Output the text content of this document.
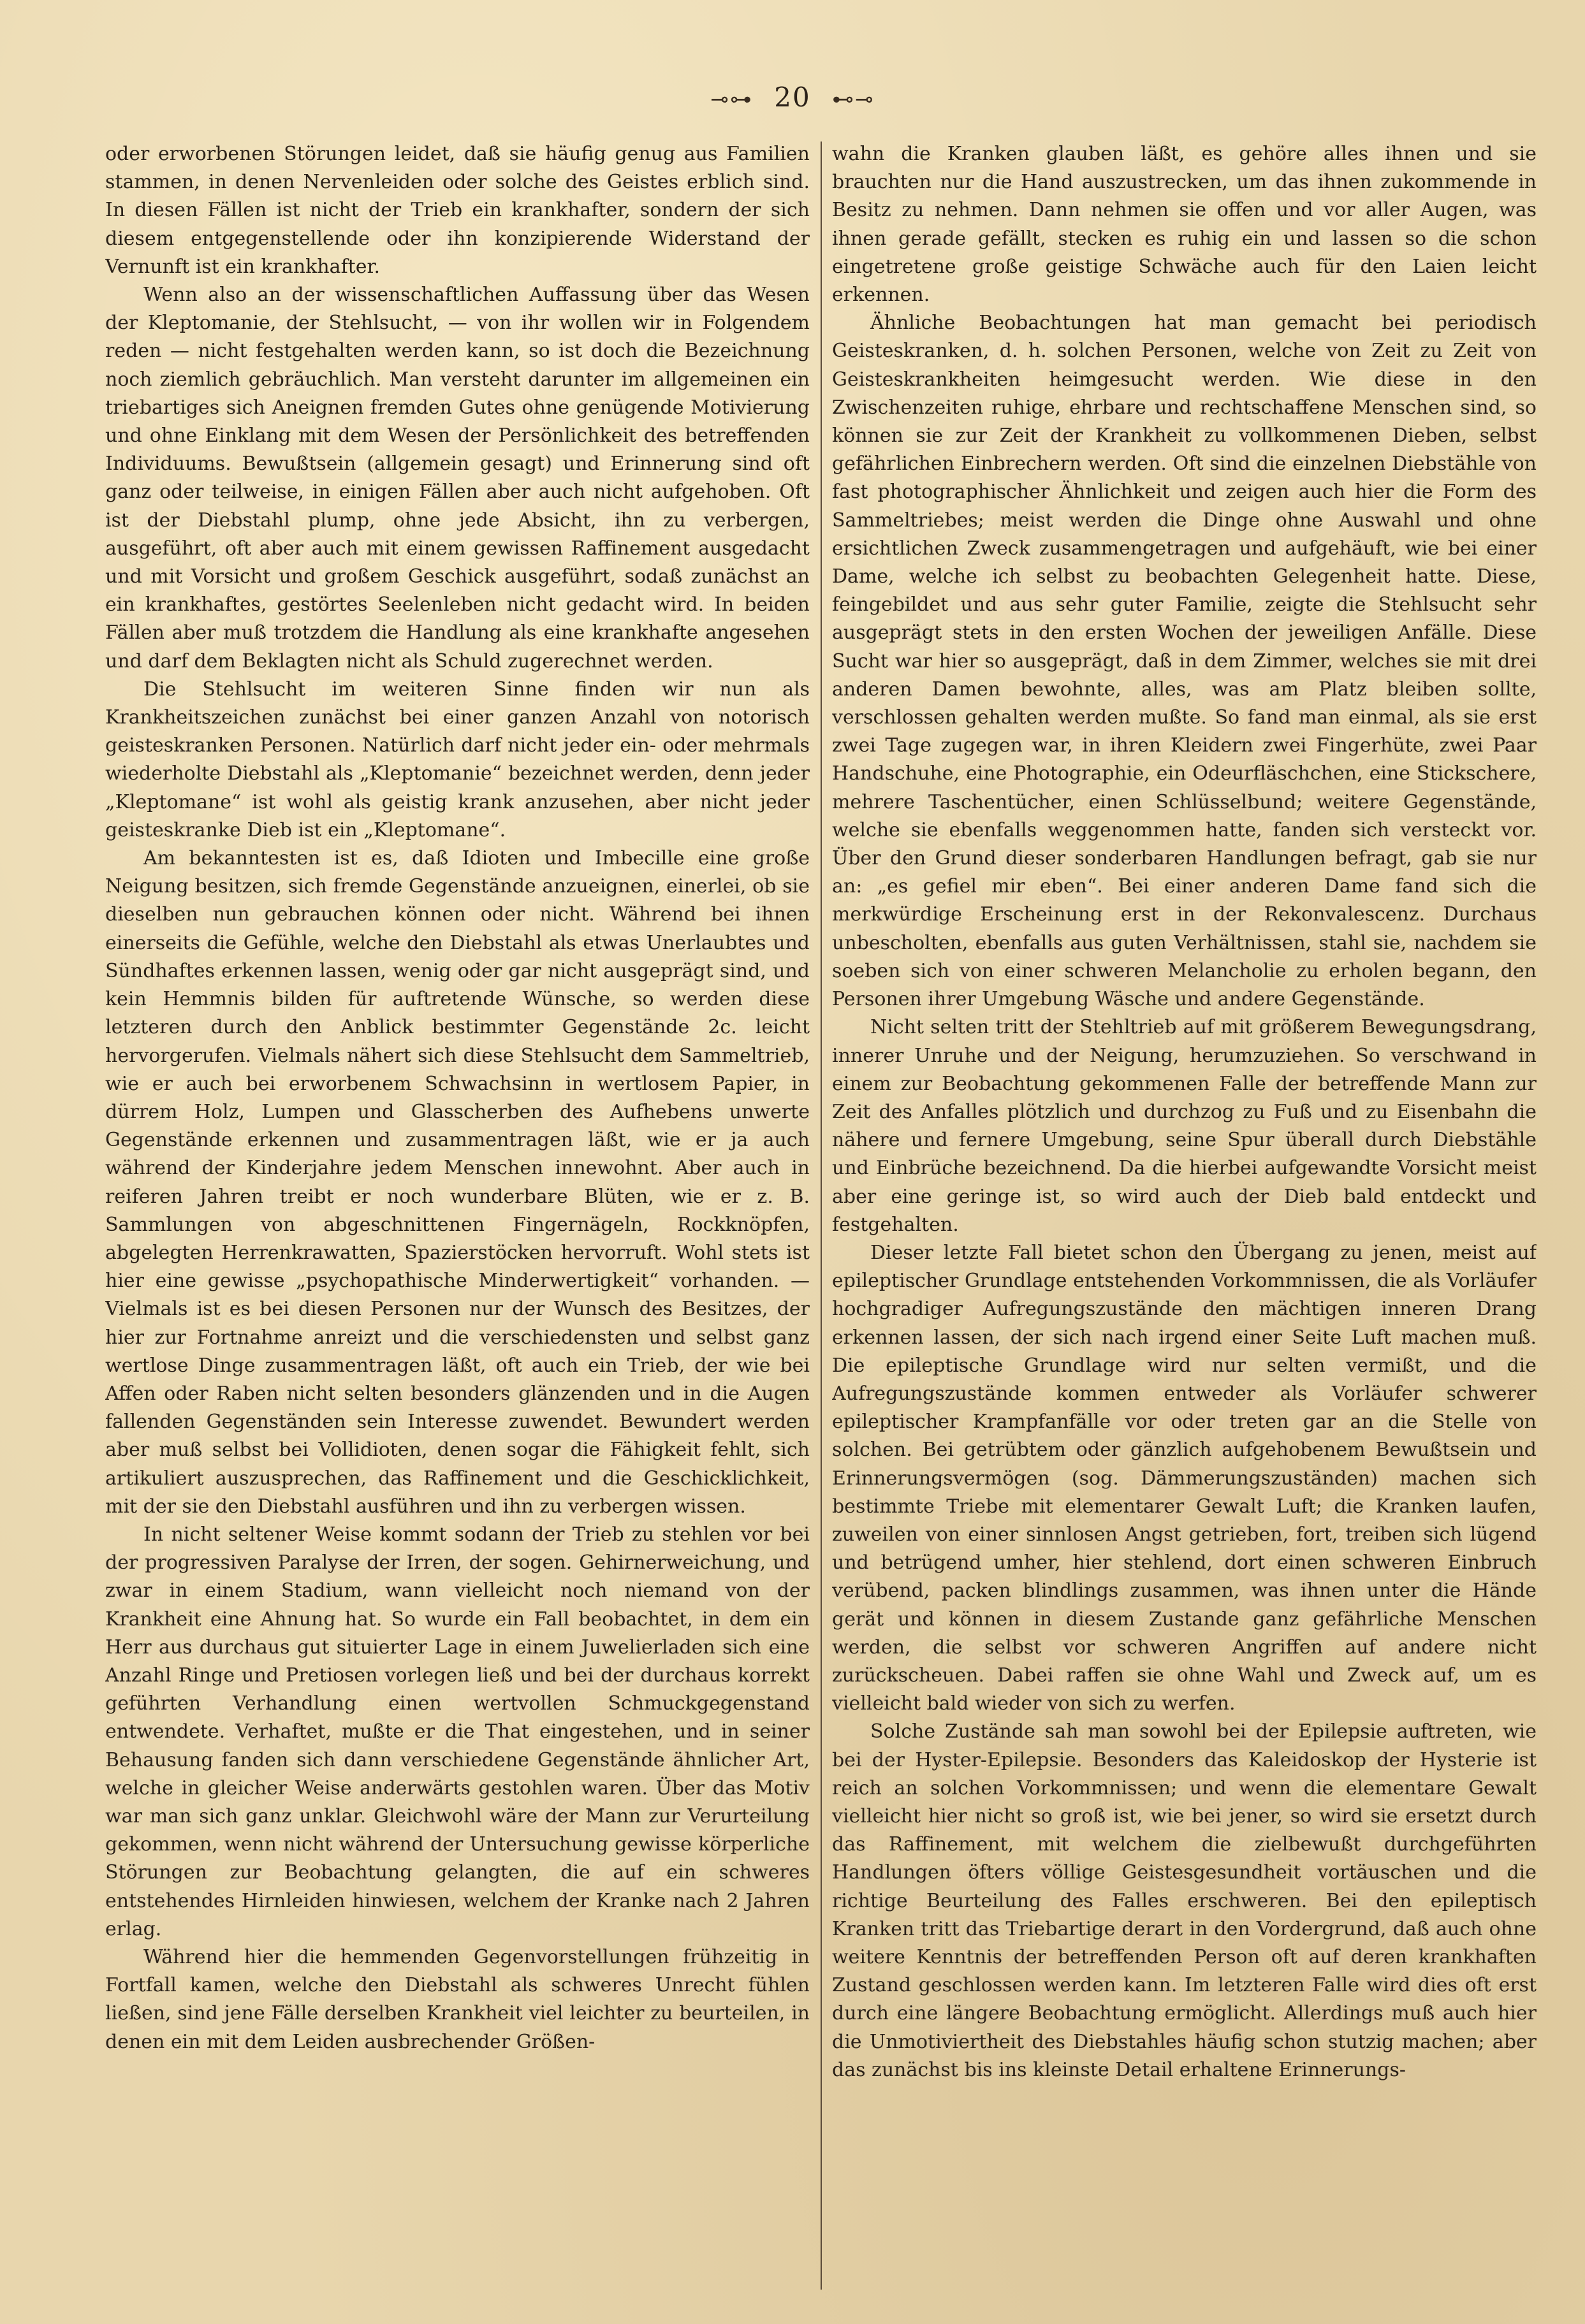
⊸⊶ 20 ⊷⊸

oder erworbenen Störungen leidet, daß sie häufig genug aus Familien stammen, in denen Nervenleiden oder solche des Geistes erblich sind. In diesen Fällen ist nicht der Trieb ein krankhafter, sondern der sich diesem entgegenstellende oder ihn konzipierende Widerstand der Vernunft ist ein krankhafter.

Wenn also an der wissenschaftlichen Auffassung über das Wesen der Kleptomanie, der Stehlsucht, — von ihr wollen wir in Folgendem reden — nicht festgehalten werden kann, so ist doch die Bezeichnung noch ziemlich gebräuchlich. Man versteht darunter im allgemeinen ein triebartiges sich Aneignen fremden Gutes ohne genügende Motivierung und ohne Einklang mit dem Wesen der Persönlichkeit des betreffenden Individuums. Bewußtsein (allgemein gesagt) und Erinnerung sind oft ganz oder teilweise, in einigen Fällen aber auch nicht aufgehoben. Oft ist der Diebstahl plump, ohne jede Absicht, ihn zu verbergen, ausgeführt, oft aber auch mit einem gewissen Raffinement ausgedacht und mit Vorsicht und großem Geschick ausgeführt, sodaß zunächst an ein krankhaftes, gestörtes Seelenleben nicht gedacht wird. In beiden Fällen aber muß trotzdem die Handlung als eine krankhafte angesehen und darf dem Beklagten nicht als Schuld zugerechnet werden.

Die Stehlsucht im weiteren Sinne finden wir nun als Krankheitszeichen zunächst bei einer ganzen Anzahl von notorisch geisteskranken Personen. Natürlich darf nicht jeder ein- oder mehrmals wiederholte Diebstahl als „Kleptomanie“ bezeichnet werden, denn jeder „Kleptomane“ ist wohl als geistig krank anzusehen, aber nicht jeder geisteskranke Dieb ist ein „Kleptomane“.

Am bekanntesten ist es, daß Idioten und Imbecille eine große Neigung besitzen, sich fremde Gegenstände anzueignen, einerlei, ob sie dieselben nun gebrauchen können oder nicht. Während bei ihnen einerseits die Gefühle, welche den Diebstahl als etwas Unerlaubtes und Sündhaftes erkennen lassen, wenig oder gar nicht ausgeprägt sind, und kein Hemmnis bilden für auftretende Wünsche, so werden diese letzteren durch den Anblick bestimmter Gegenstände 2c. leicht hervorgerufen. Vielmals nähert sich diese Stehlsucht dem Sammeltrieb, wie er auch bei erworbenem Schwachsinn in wertlosem Papier, in dürrem Holz, Lumpen und Glasscherben des Aufhebens unwerte Gegenstände erkennen und zusammentragen läßt, wie er ja auch während der Kinderjahre jedem Menschen innewohnt. Aber auch in reiferen Jahren treibt er noch wunderbare Blüten, wie er z. B. Sammlungen von abgeschnittenen Fingernägeln, Rockknöpfen, abgelegten Herrenkrawatten, Spazierstöcken hervorruft. Wohl stets ist hier eine gewisse „psychopathische Minderwertigkeit“ vorhanden. — Vielmals ist es bei diesen Personen nur der Wunsch des Besitzes, der hier zur Fortnahme anreizt und die verschiedensten und selbst ganz wertlose Dinge zusammentragen läßt, oft auch ein Trieb, der wie bei Affen oder Raben nicht selten besonders glänzenden und in die Augen fallenden Gegenständen sein Interesse zuwendet. Bewundert werden aber muß selbst bei Vollidioten, denen sogar die Fähigkeit fehlt, sich artikuliert auszusprechen, das Raffinement und die Geschicklichkeit, mit der sie den Diebstahl ausführen und ihn zu verbergen wissen.

In nicht seltener Weise kommt sodann der Trieb zu stehlen vor bei der progressiven Paralyse der Irren, der sogen. Gehirnerweichung, und zwar in einem Stadium, wann vielleicht noch niemand von der Krankheit eine Ahnung hat. So wurde ein Fall beobachtet, in dem ein Herr aus durchaus gut situierter Lage in einem Juwelierladen sich eine Anzahl Ringe und Pretiosen vorlegen ließ und bei der durchaus korrekt geführten Verhandlung einen wertvollen Schmuckgegenstand entwendete. Verhaftet, mußte er die That eingestehen, und in seiner Behausung fanden sich dann verschiedene Gegenstände ähnlicher Art, welche in gleicher Weise anderwärts gestohlen waren. Über das Motiv war man sich ganz unklar. Gleichwohl wäre der Mann zur Verurteilung gekommen, wenn nicht während der Untersuchung gewisse körperliche Störungen zur Beobachtung gelangten, die auf ein schweres entstehendes Hirnleiden hinwiesen, welchem der Kranke nach 2 Jahren erlag.

Während hier die hemmenden Gegenvorstellungen frühzeitig in Fortfall kamen, welche den Diebstahl als schweres Unrecht fühlen ließen, sind jene Fälle derselben Krankheit viel leichter zu beurteilen, in denen ein mit dem Leiden ausbrechender Größen-

wahn die Kranken glauben läßt, es gehöre alles ihnen und sie brauchten nur die Hand auszustrecken, um das ihnen zukommende in Besitz zu nehmen. Dann nehmen sie offen und vor aller Augen, was ihnen gerade gefällt, stecken es ruhig ein und lassen so die schon eingetretene große geistige Schwäche auch für den Laien leicht erkennen.

Ähnliche Beobachtungen hat man gemacht bei periodisch Geisteskranken, d. h. solchen Personen, welche von Zeit zu Zeit von Geisteskrankheiten heimgesucht werden. Wie diese in den Zwischenzeiten ruhige, ehrbare und rechtschaffene Menschen sind, so können sie zur Zeit der Krankheit zu vollkommenen Dieben, selbst gefährlichen Einbrechern werden. Oft sind die einzelnen Diebstähle von fast photographischer Ähnlichkeit und zeigen auch hier die Form des Sammeltriebes; meist werden die Dinge ohne Auswahl und ohne ersichtlichen Zweck zusammengetragen und aufgehäuft, wie bei einer Dame, welche ich selbst zu beobachten Gelegenheit hatte. Diese, feingebildet und aus sehr guter Familie, zeigte die Stehlsucht sehr ausgeprägt stets in den ersten Wochen der jeweiligen Anfälle. Diese Sucht war hier so ausgeprägt, daß in dem Zimmer, welches sie mit drei anderen Damen bewohnte, alles, was am Platz bleiben sollte, verschlossen gehalten werden mußte. So fand man einmal, als sie erst zwei Tage zugegen war, in ihren Kleidern zwei Fingerhüte, zwei Paar Handschuhe, eine Photographie, ein Odeurfläschchen, eine Stickschere, mehrere Taschentücher, einen Schlüsselbund; weitere Gegenstände, welche sie ebenfalls weggenommen hatte, fanden sich versteckt vor. Über den Grund dieser sonderbaren Handlungen befragt, gab sie nur an: „es gefiel mir eben“. Bei einer anderen Dame fand sich die merkwürdige Erscheinung erst in der Rekonvalescenz. Durchaus unbescholten, ebenfalls aus guten Verhältnissen, stahl sie, nachdem sie soeben sich von einer schweren Melancholie zu erholen begann, den Personen ihrer Umgebung Wäsche und andere Gegenstände.

Nicht selten tritt der Stehltrieb auf mit größerem Bewegungsdrang, innerer Unruhe und der Neigung, herumzuziehen. So verschwand in einem zur Beobachtung gekommenen Falle der betreffende Mann zur Zeit des Anfalles plötzlich und durchzog zu Fuß und zu Eisenbahn die nähere und fernere Umgebung, seine Spur überall durch Diebstähle und Einbrüche bezeichnend. Da die hierbei aufgewandte Vorsicht meist aber eine geringe ist, so wird auch der Dieb bald entdeckt und festgehalten.

Dieser letzte Fall bietet schon den Übergang zu jenen, meist auf epileptischer Grundlage entstehenden Vorkommnissen, die als Vorläufer hochgradiger Aufregungszustände den mächtigen inneren Drang erkennen lassen, der sich nach irgend einer Seite Luft machen muß. Die epileptische Grundlage wird nur selten vermißt, und die Aufregungszustände kommen entweder als Vorläufer schwerer epileptischer Krampfanfälle vor oder treten gar an die Stelle von solchen. Bei getrübtem oder gänzlich aufgehobenem Bewußtsein und Erinnerungsvermögen (sog. Dämmerungszuständen) machen sich bestimmte Triebe mit elementarer Gewalt Luft; die Kranken laufen, zuweilen von einer sinnlosen Angst getrieben, fort, treiben sich lügend und betrügend umher, hier stehlend, dort einen schweren Einbruch verübend, packen blindlings zusammen, was ihnen unter die Hände gerät und können in diesem Zustande ganz gefährliche Menschen werden, die selbst vor schweren Angriffen auf andere nicht zurückscheuen. Dabei raffen sie ohne Wahl und Zweck auf, um es vielleicht bald wieder von sich zu werfen.

Solche Zustände sah man sowohl bei der Epilepsie auftreten, wie bei der Hyster-Epilepsie. Besonders das Kaleidoskop der Hysterie ist reich an solchen Vorkommnissen; und wenn die elementare Gewalt vielleicht hier nicht so groß ist, wie bei jener, so wird sie ersetzt durch das Raffinement, mit welchem die zielbewußt durchgeführten Handlungen öfters völlige Geistesgesundheit vortäuschen und die richtige Beurteilung des Falles erschweren. Bei den epileptisch Kranken tritt das Triebartige derart in den Vordergrund, daß auch ohne weitere Kenntnis der betreffenden Person oft auf deren krankhaften Zustand geschlossen werden kann. Im letzteren Falle wird dies oft erst durch eine längere Beobachtung ermöglicht. Allerdings muß auch hier die Unmotiviertheit des Diebstahles häufig schon stutzig machen; aber das zunächst bis ins kleinste Detail erhaltene Erinnerungs-
